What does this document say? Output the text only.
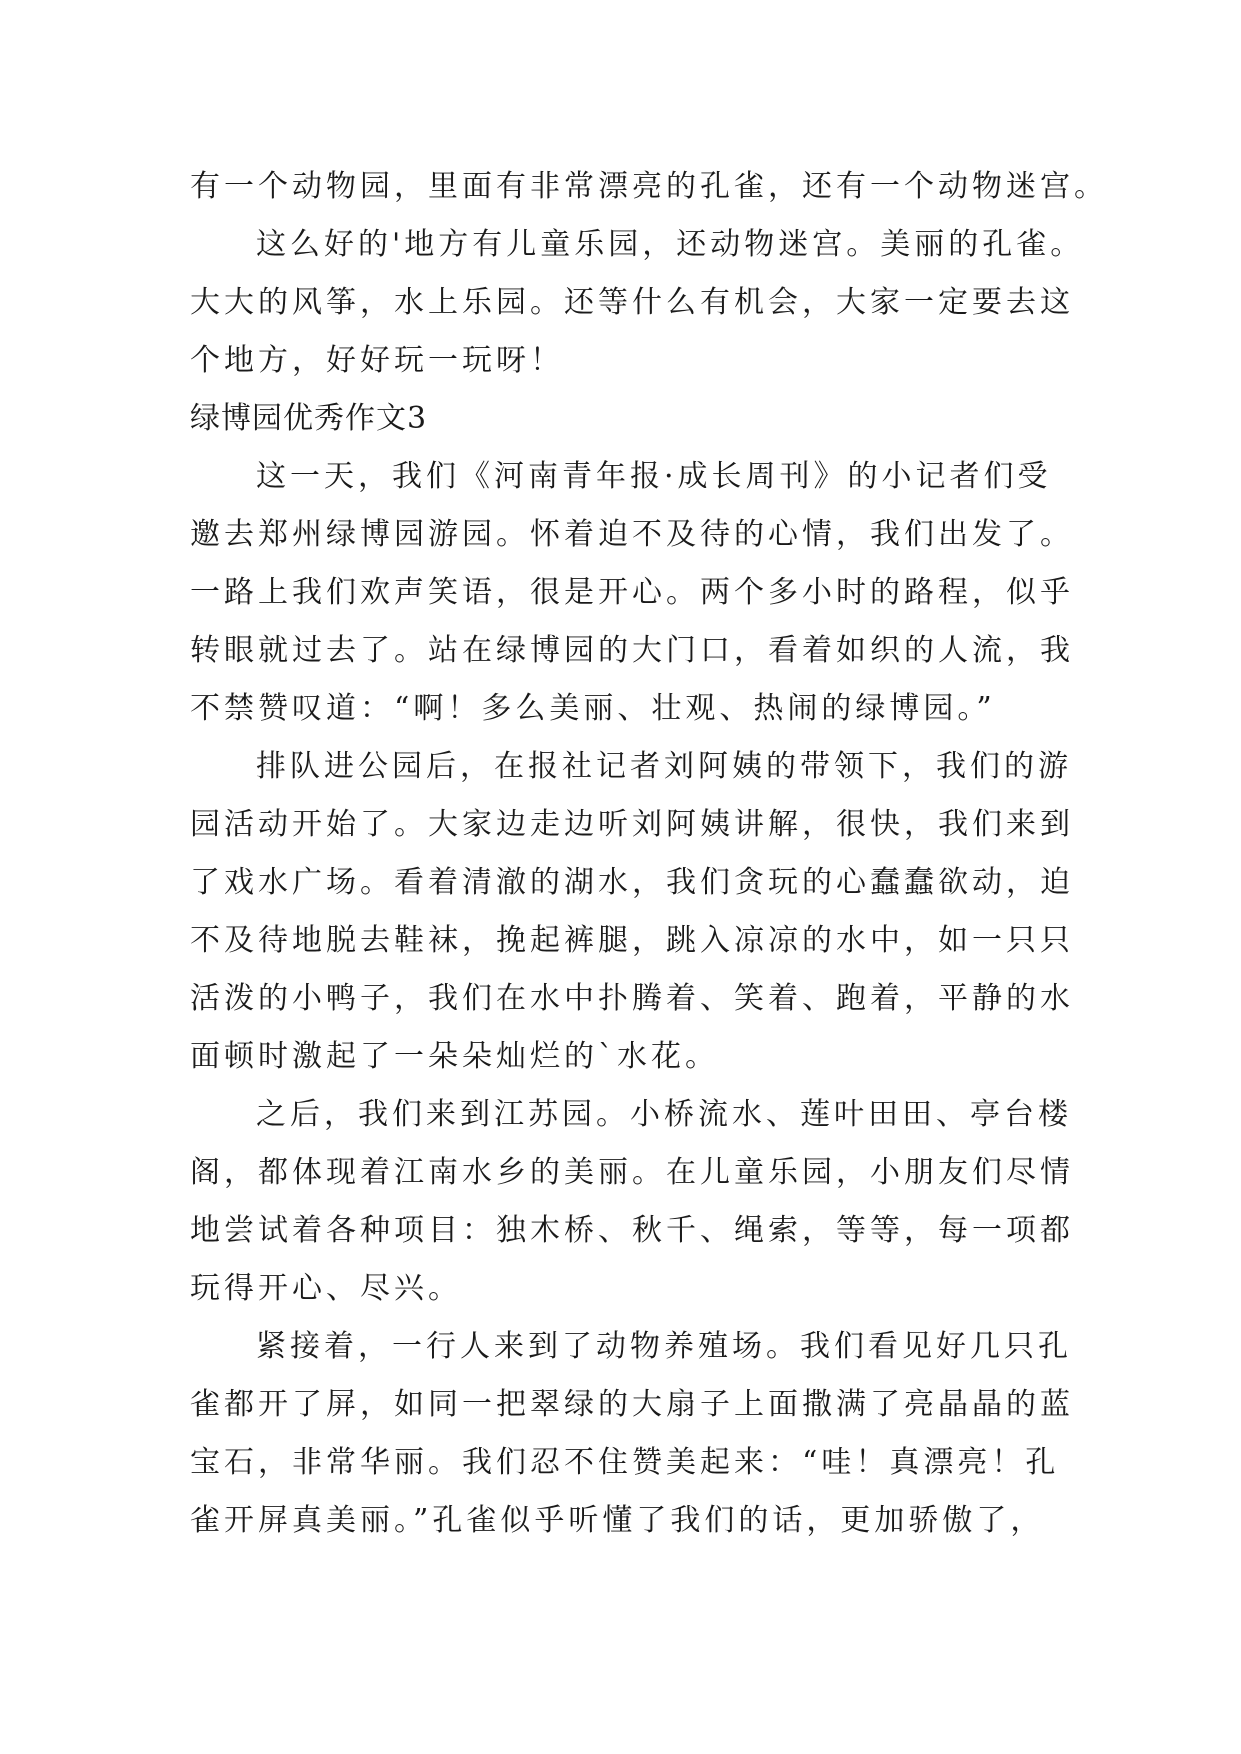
有一个动物园，里面有非常漂亮的孔雀，还有一个动物迷宫。
这么好的'地方有儿童乐园，还动物迷宫。美丽的孔雀。
大大的风筝，水上乐园。还等什么有机会，大家一定要去这
个地方，好好玩一玩呀！
绿博园优秀作文3
这一天，我们《河南青年报·成长周刊》的小记者们受
邀去郑州绿博园游园。怀着迫不及待的心情，我们出发了。
一路上我们欢声笑语，很是开心。两个多小时的路程，似乎
转眼就过去了。站在绿博园的大门口，看着如织的人流，我
不禁赞叹道：“啊！多么美丽、壮观、热闹的绿博园。”
排队进公园后，在报社记者刘阿姨的带领下，我们的游
园活动开始了。大家边走边听刘阿姨讲解，很快，我们来到
了戏水广场。看着清澈的湖水，我们贪玩的心蠢蠢欲动，迫
不及待地脱去鞋袜，挽起裤腿，跳入凉凉的水中，如一只只
活泼的小鸭子，我们在水中扑腾着、笑着、跑着，平静的水
面顿时激起了一朵朵灿烂的`水花。
之后，我们来到江苏园。小桥流水、莲叶田田、亭台楼
阁，都体现着江南水乡的美丽。在儿童乐园，小朋友们尽情
地尝试着各种项目：独木桥、秋千、绳索，等等，每一项都
玩得开心、尽兴。
紧接着，一行人来到了动物养殖场。我们看见好几只孔
雀都开了屏，如同一把翠绿的大扇子上面撒满了亮晶晶的蓝
宝石，非常华丽。我们忍不住赞美起来：“哇！真漂亮！孔
雀开屏真美丽。”孔雀似乎听懂了我们的话，更加骄傲了，
